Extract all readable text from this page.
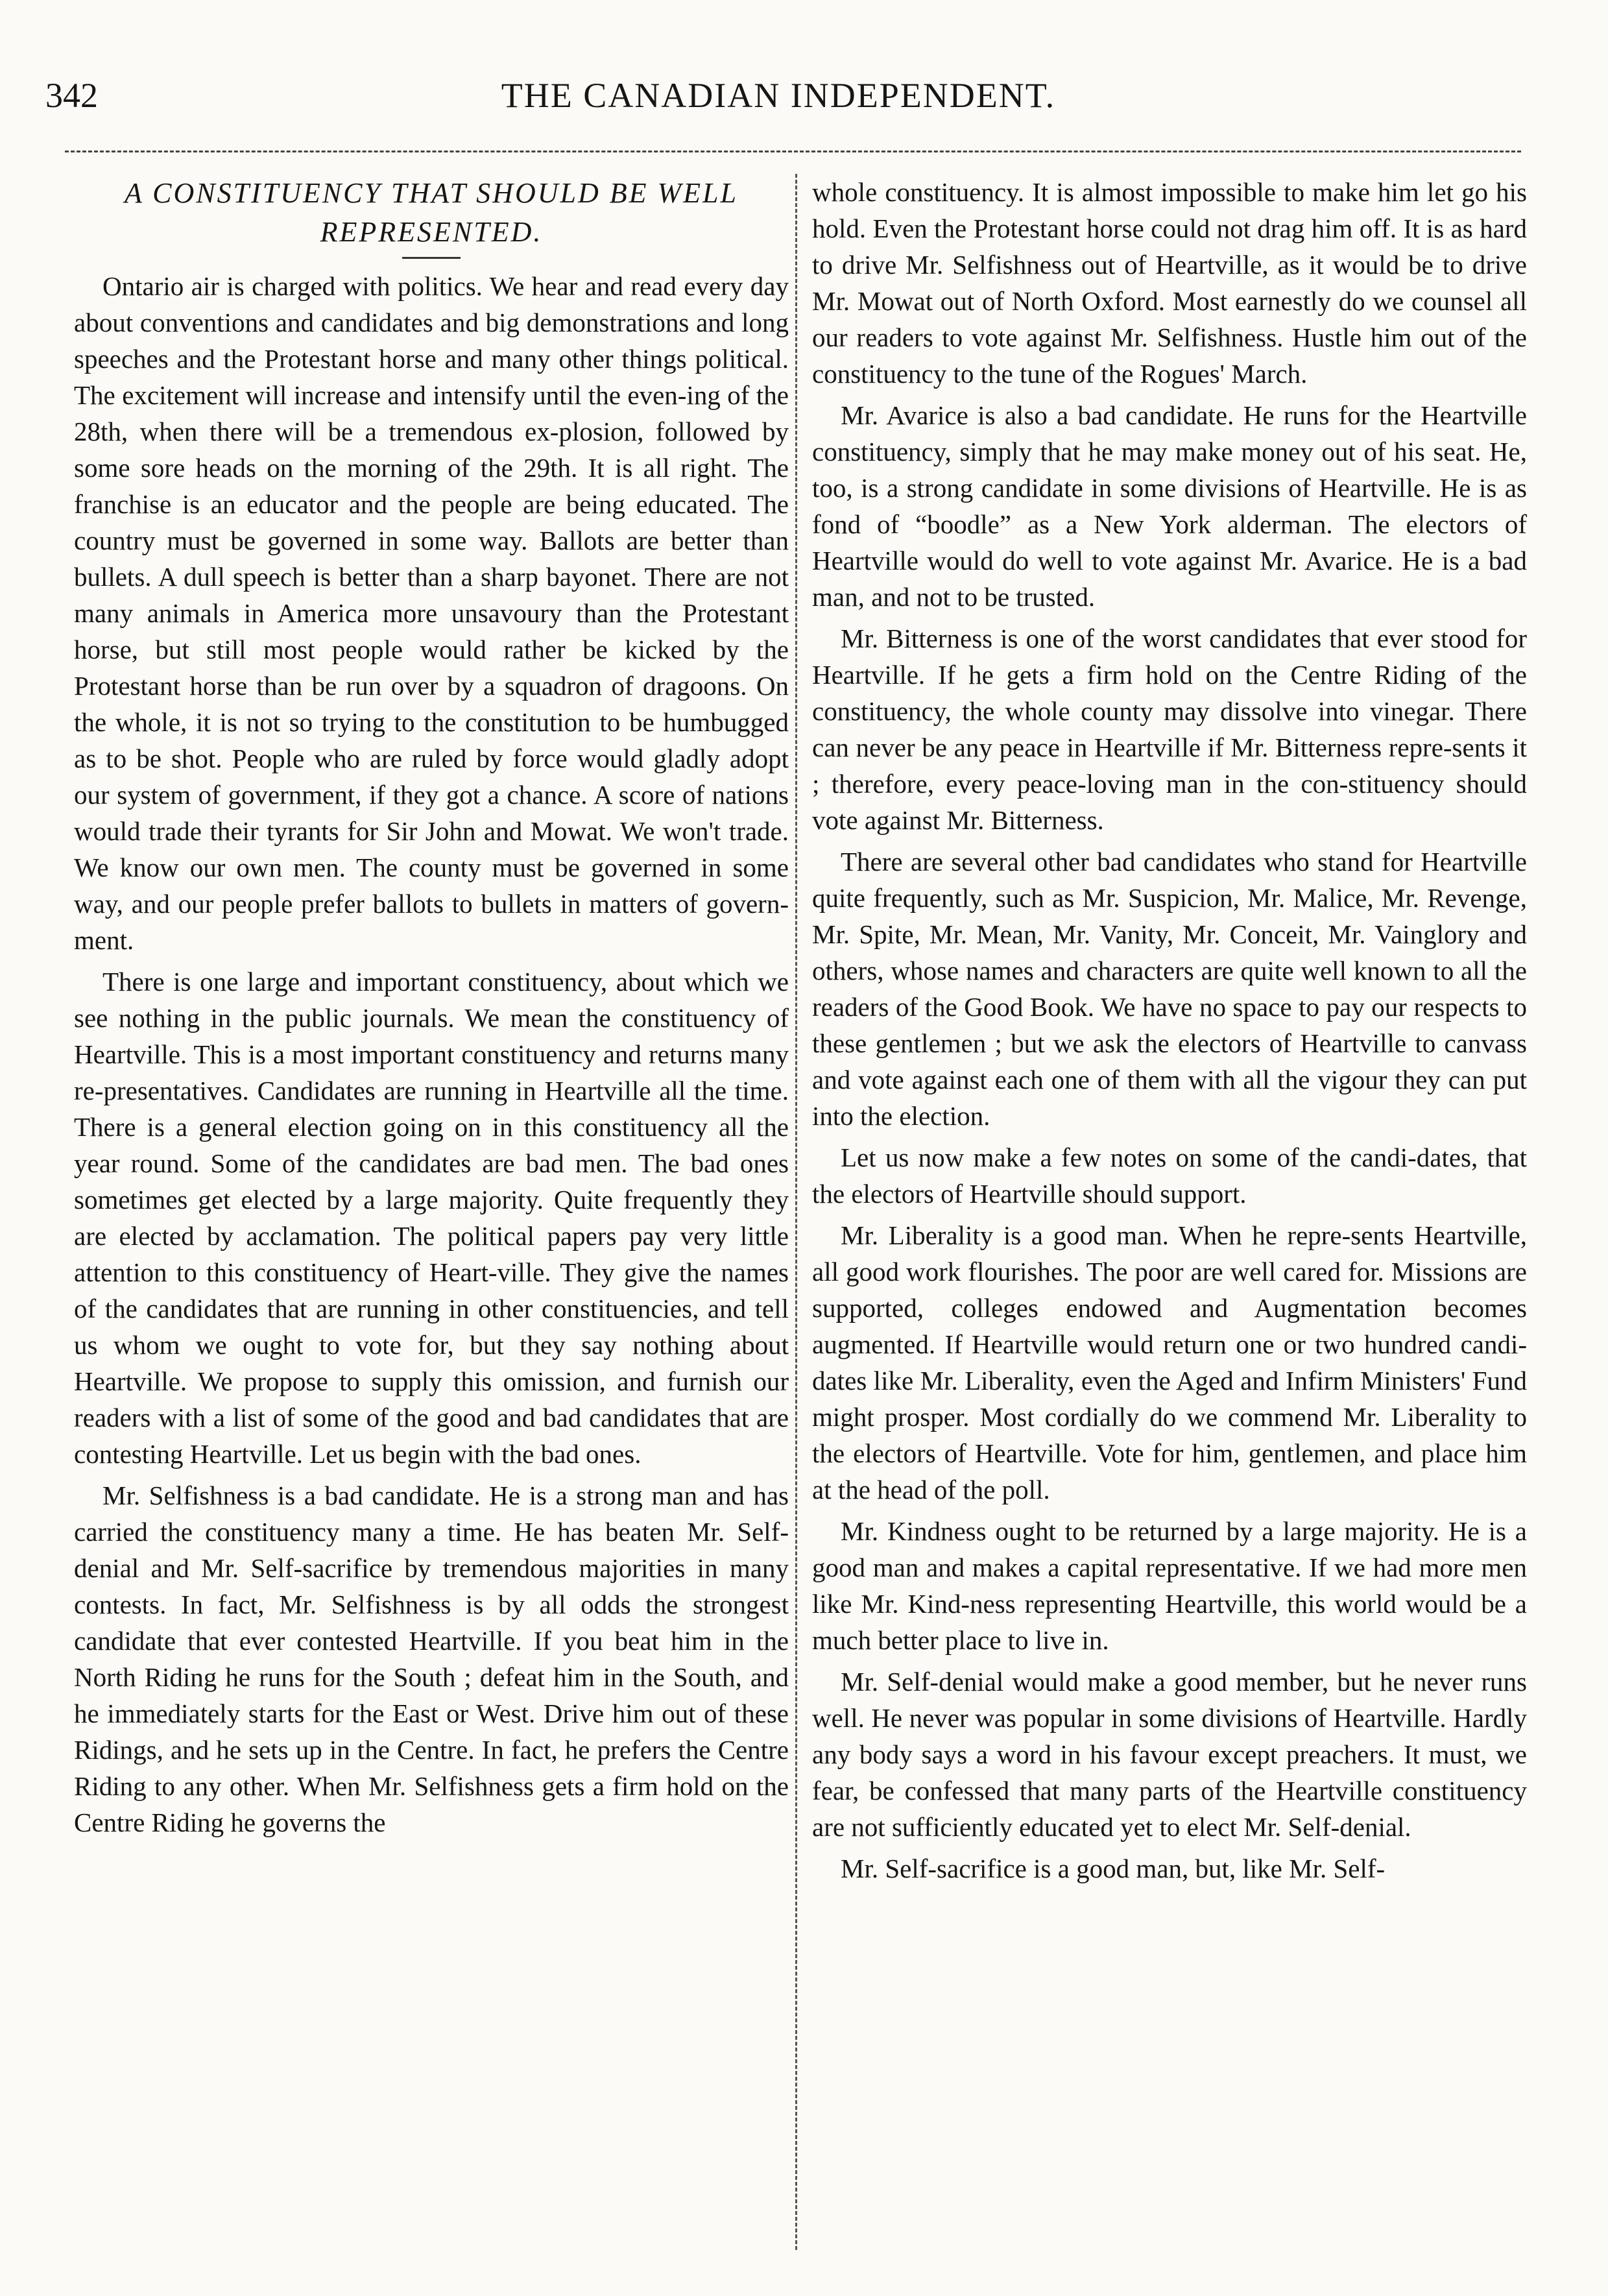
342	THE CANADIAN INDEPENDENT.
A CONSTITUENCY THAT SHOULD BE WELL REPRESENTED.

Ontario air is charged with politics. We hear and read every day about conventions and candidates and big demonstrations and long speeches and the Protestant horse and many other things political. The excitement will increase and intensify until the even-ing of the 28th, when there will be a tremendous ex-plosion, followed by some sore heads on the morning of the 29th. It is all right. The franchise is an educator and the people are being educated. The country must be governed in some way. Ballots are better than bullets. A dull speech is better than a sharp bayonet. There are not many animals in America more unsavoury than the Protestant horse, but still most people would rather be kicked by the Protestant horse than be run over by a squadron of dragoons. On the whole, it is not so trying to the constitution to be humbugged as to be shot. People who are ruled by force would gladly adopt our system of government, if they got a chance. A score of nations would trade their tyrants for Sir John and Mowat. We won't trade. We know our own men. The county must be governed in some way, and our people prefer ballots to bullets in matters of govern-ment.

There is one large and important constituency, about which we see nothing in the public journals. We mean the constituency of Heartville. This is a most important constituency and returns many re-presentatives. Candidates are running in Heartville all the time. There is a general election going on in this constituency all the year round. Some of the candidates are bad men. The bad ones sometimes get elected by a large majority. Quite frequently they are elected by acclamation. The political papers pay very little attention to this constituency of Heart-ville. They give the names of the candidates that are running in other constituencies, and tell us whom we ought to vote for, but they say nothing about Heartville. We propose to supply this omission, and furnish our readers with a list of some of the good and bad candidates that are contesting Heartville. Let us begin with the bad ones.

Mr. Selfishness is a bad candidate. He is a strong man and has carried the constituency many a time. He has beaten Mr. Self-denial and Mr. Self-sacrifice by tremendous majorities in many contests. In fact, Mr. Selfishness is by all odds the strongest candidate that ever contested Heartville. If you beat him in the North Riding he runs for the South ; defeat him in the South, and he immediately starts for the East or West. Drive him out of these Ridings, and he sets up in the Centre. In fact, he prefers the Centre Riding to any other. When Mr. Selfishness gets a firm hold on the Centre Riding he governs the

whole constituency. It is almost impossible to make him let go his hold. Even the Protestant horse could not drag him off. It is as hard to drive Mr. Selfishness out of Heartville, as it would be to drive Mr. Mowat out of North Oxford. Most earnestly do we counsel all our readers to vote against Mr. Selfishness. Hustle him out of the constituency to the tune of the Rogues' March.

Mr. Avarice is also a bad candidate. He runs for the Heartville constituency, simply that he may make money out of his seat. He, too, is a strong candidate in some divisions of Heartville. He is as fond of “boodle” as a New York alderman. The electors of Heartville would do well to vote against Mr. Avarice. He is a bad man, and not to be trusted.

Mr. Bitterness is one of the worst candidates that ever stood for Heartville. If he gets a firm hold on the Centre Riding of the constituency, the whole county may dissolve into vinegar. There can never be any peace in Heartville if Mr. Bitterness repre-sents it ; therefore, every peace-loving man in the con-stituency should vote against Mr. Bitterness.

There are several other bad candidates who stand for Heartville quite frequently, such as Mr. Suspicion, Mr. Malice, Mr. Revenge, Mr. Spite, Mr. Mean, Mr. Vanity, Mr. Conceit, Mr. Vainglory and others, whose names and characters are quite well known to all the readers of the Good Book. We have no space to pay our respects to these gentlemen ; but we ask the electors of Heartville to canvass and vote against each one of them with all the vigour they can put into the election.

Let us now make a few notes on some of the candi-dates, that the electors of Heartville should support.

Mr. Liberality is a good man. When he repre-sents Heartville, all good work flourishes. The poor are well cared for. Missions are supported, colleges endowed and Augmentation becomes augmented. If Heartville would return one or two hundred candi-dates like Mr. Liberality, even the Aged and Infirm Ministers' Fund might prosper. Most cordially do we commend Mr. Liberality to the electors of Heartville. Vote for him, gentlemen, and place him at the head of the poll.

Mr. Kindness ought to be returned by a large majority. He is a good man and makes a capital representative. If we had more men like Mr. Kind-ness representing Heartville, this world would be a much better place to live in.

Mr. Self-denial would make a good member, but he never runs well. He never was popular in some divisions of Heartville. Hardly any body says a word in his favour except preachers. It must, we fear, be confessed that many parts of the Heartville constituency are not sufficiently educated yet to elect Mr. Self-denial.

Mr. Self-sacrifice is a good man, but, like Mr. Self-
